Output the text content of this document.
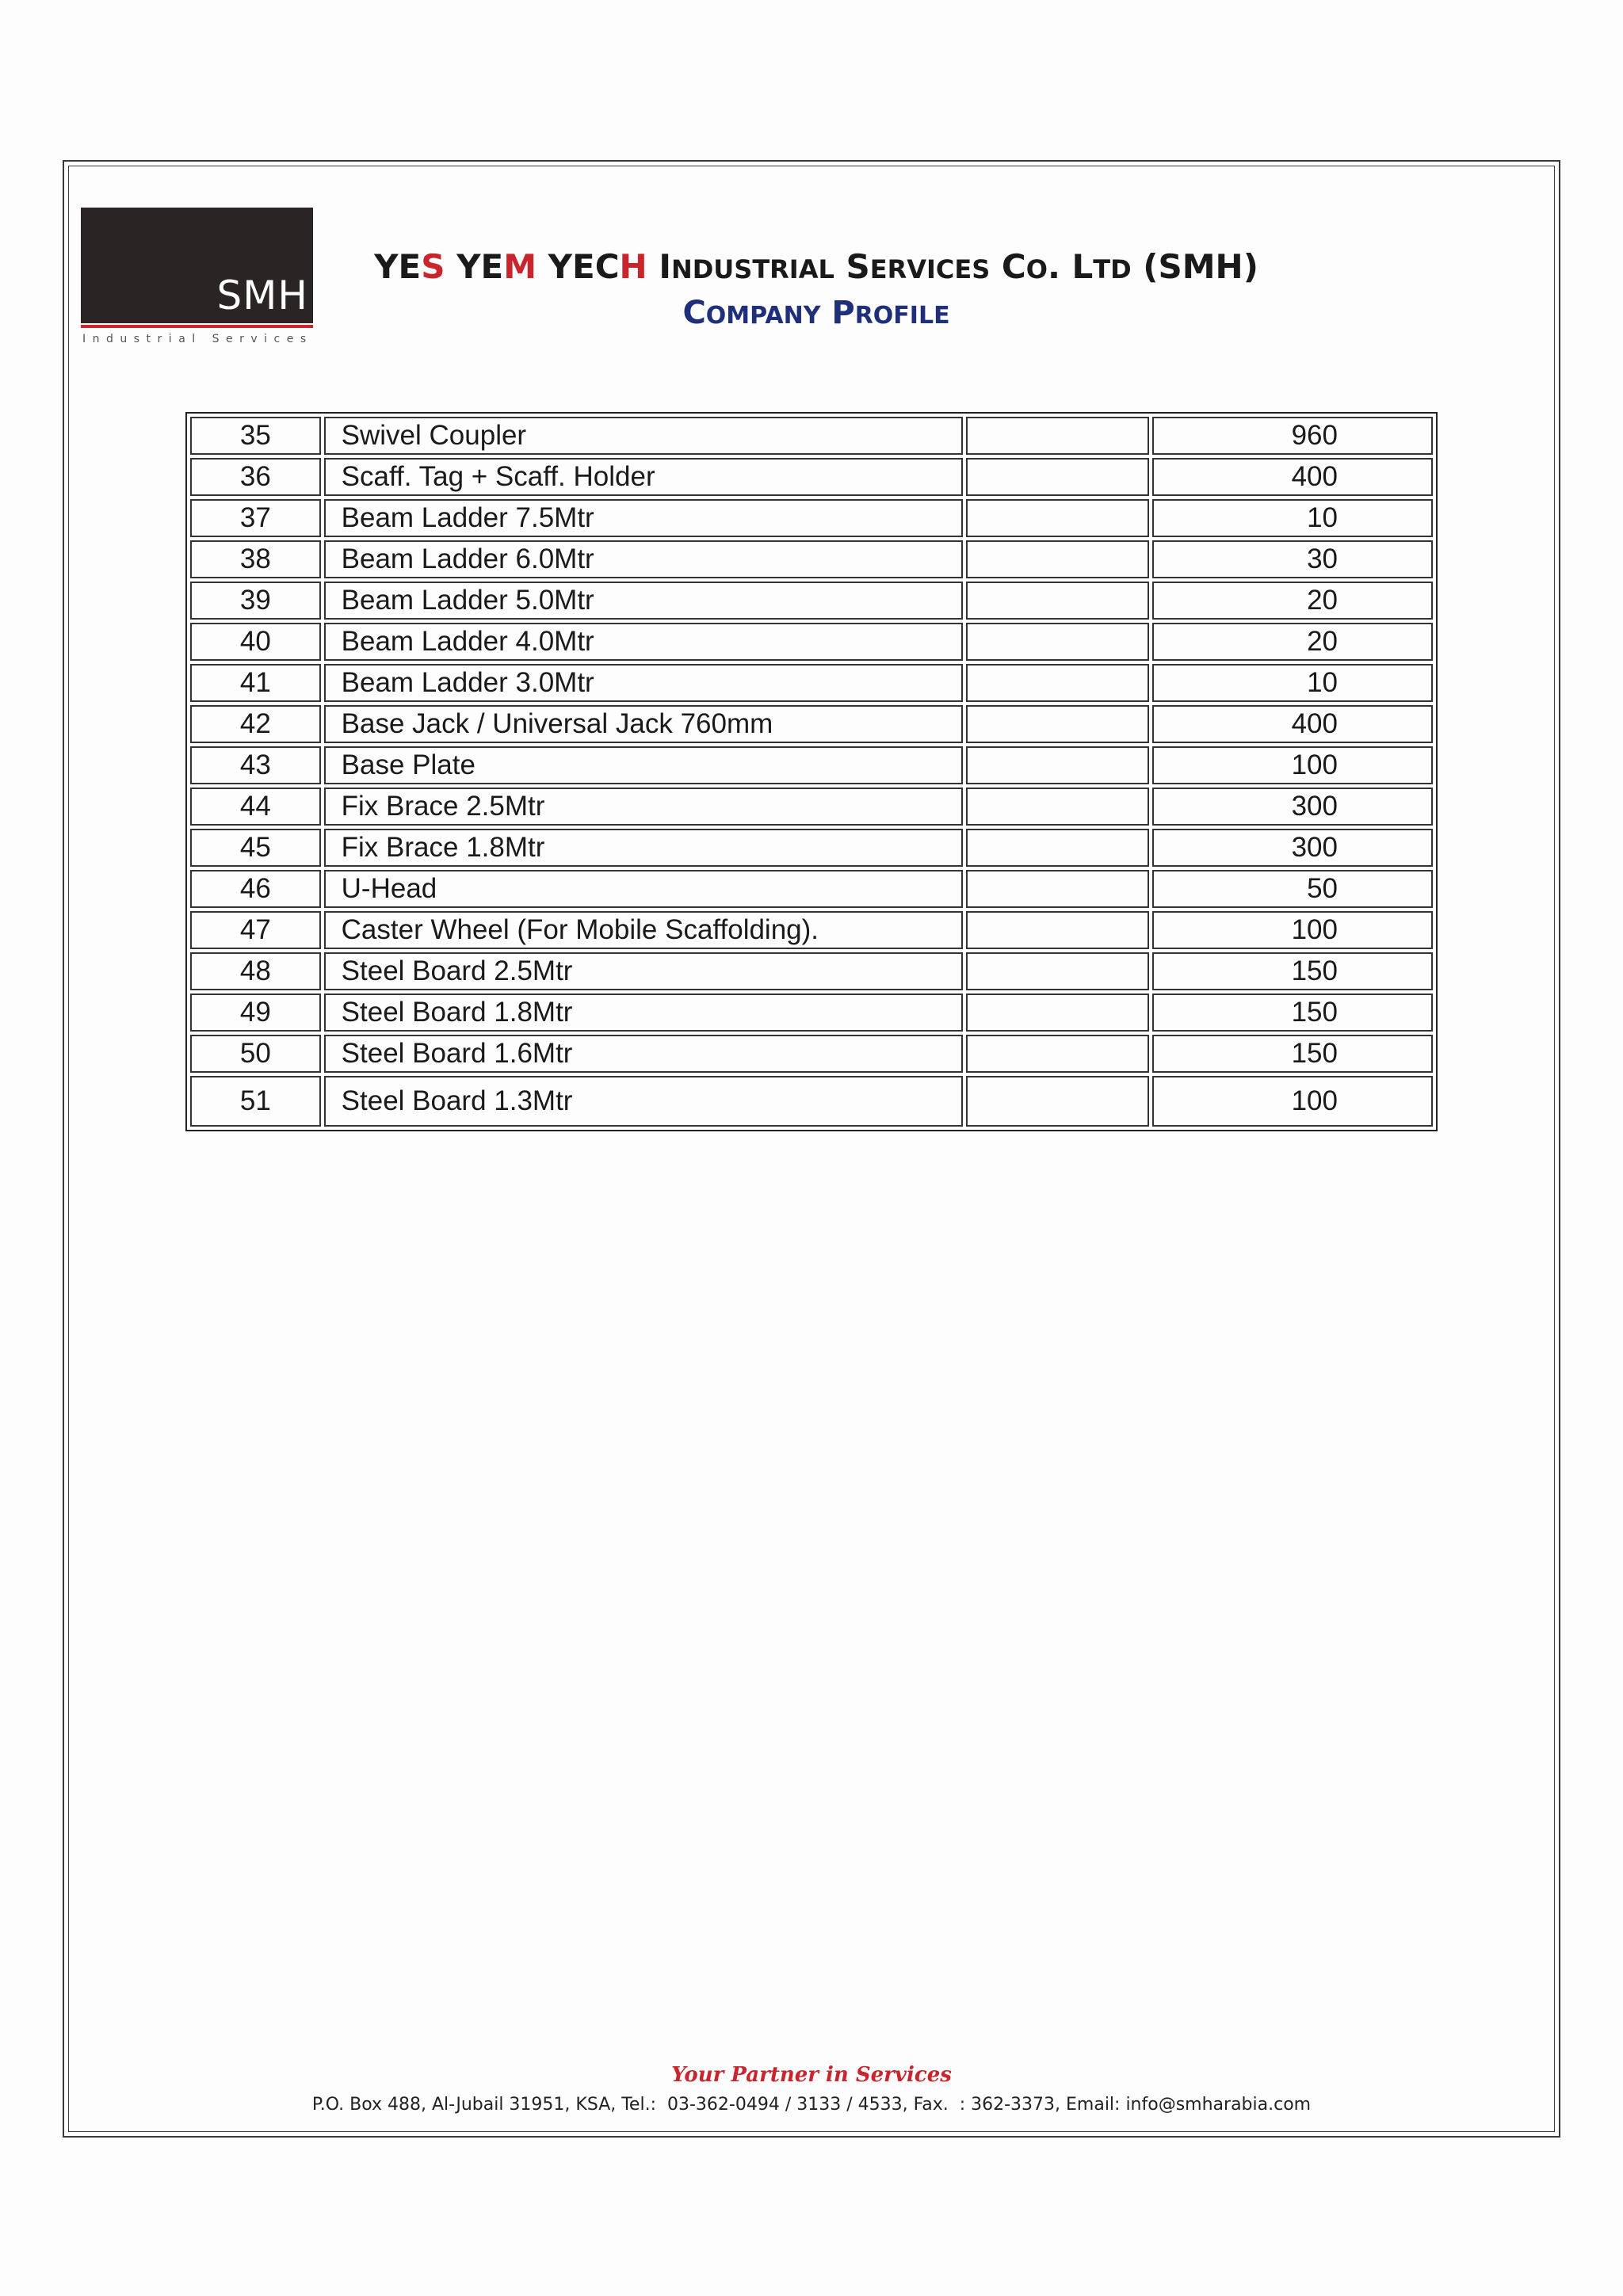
SMH
Industrial Services
YES YEM YECH INDUSTRIAL SERVICES CO. LTD (SMH)
COMPANY PROFILE
35	Swivel Coupler		960
36	Scaff. Tag + Scaff. Holder		400
37	Beam Ladder 7.5Mtr		10
38	Beam Ladder 6.0Mtr		30
39	Beam Ladder 5.0Mtr		20
40	Beam Ladder 4.0Mtr		20
41	Beam Ladder 3.0Mtr		10
42	Base Jack / Universal Jack 760mm		400
43	Base Plate		100
44	Fix Brace 2.5Mtr		300
45	Fix Brace 1.8Mtr		300
46	U-Head		50
47	Caster Wheel (For Mobile Scaffolding).		100
48	Steel Board 2.5Mtr		150
49	Steel Board 1.8Mtr		150
50	Steel Board 1.6Mtr		150
51	Steel Board 1.3Mtr		100
Your Partner in Services
P.O. Box 488, Al-Jubail 31951, KSA, Tel.:  03-362-0494 / 3133 / 4533, Fax.  : 362-3373, Email: info@smharabia.com
